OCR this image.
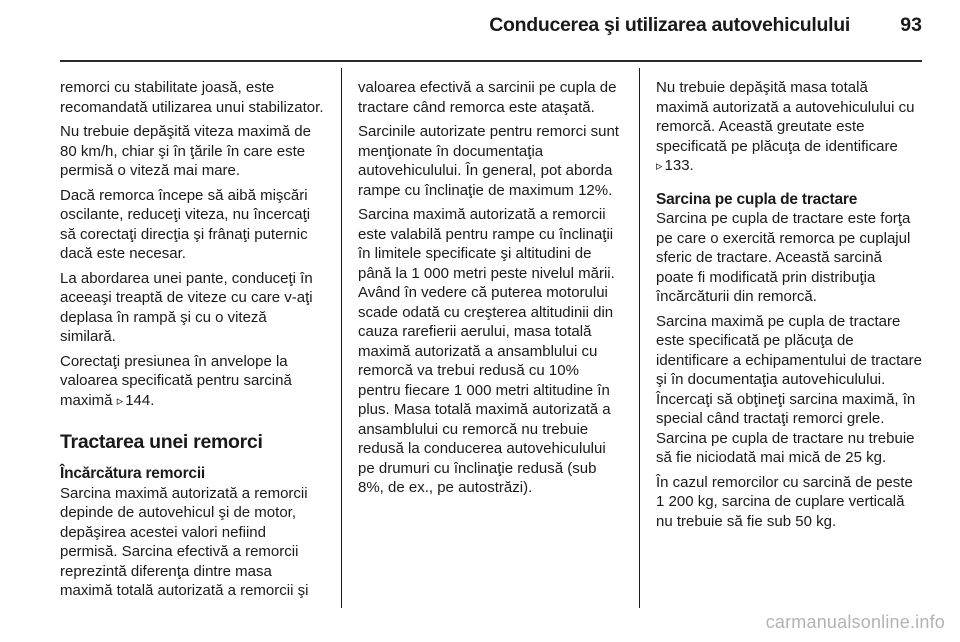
Conducerea şi utilizarea autovehiculului	93

remorci cu stabilitate joasă, este recomandată utilizarea unui stabilizator.

Nu trebuie depăşită viteza maximă de 80 km/h, chiar şi în ţările în care este permisă o viteză mai mare.

Dacă remorca începe să aibă mişcări oscilante, reduceţi viteza, nu încercaţi să corectaţi direcţia şi frânaţi puternic dacă este necesar.

La abordarea unei pante, conduceţi în aceeaşi treaptă de viteze cu care v-aţi deplasa în rampă şi cu o viteză similară.

Corectaţi presiunea în anvelope la valoarea specificată pentru sarcină maximă ▹ 144.

Tractarea unei remorci
Încărcătura remorcii

Sarcina maximă autorizată a remorcii depinde de autovehicul şi de motor, depăşirea acestei valori nefiind permisă. Sarcina efectivă a remorcii reprezintă diferenţa dintre masa maximă totală autorizată a remorcii şi

valoarea efectivă a sarcinii pe cupla de tractare când remorca este ataşată.

Sarcinile autorizate pentru remorci sunt menţionate în documentaţia autovehiculului. În general, pot aborda rampe cu înclinaţie de maximum 12%.

Sarcina maximă autorizată a remorcii este valabilă pentru rampe cu înclinaţii în limitele specificate şi altitudini de până la 1 000 metri peste nivelul mării. Având în vedere că puterea motorului scade odată cu creşterea altitudinii din cauza rarefierii aerului, masa totală maximă autorizată a ansamblului cu remorcă va trebui redusă cu 10% pentru fiecare 1 000 metri altitudine în plus. Masa totală maximă autorizată a ansamblului cu remorcă nu trebuie redusă la conducerea autovehiculului pe drumuri cu înclinaţie redusă (sub 8%, de ex., pe autostrăzi).

Nu trebuie depăşită masa totală maximă autorizată a autovehiculului cu remorcă. Această greutate este specificată pe plăcuţa de identificare ▹ 133.

Sarcina pe cupla de tractare

Sarcina pe cupla de tractare este forţa pe care o exercită remorca pe cuplajul sferic de tractare. Această sarcină poate fi modificată prin distribuţia încărcăturii din remorcă.

Sarcina maximă pe cupla de tractare este specificată pe plăcuţa de identificare a echipamentului de tractare şi în documentaţia autovehiculului. Încercaţi să obţineţi sarcina maximă, în special când tractaţi remorci grele. Sarcina pe cupla de tractare nu trebuie să fie niciodată mai mică de 25 kg.

În cazul remorcilor cu sarcină de peste 1 200 kg, sarcina de cuplare verticală nu trebuie să fie sub 50 kg.

carmanualsonline.info
